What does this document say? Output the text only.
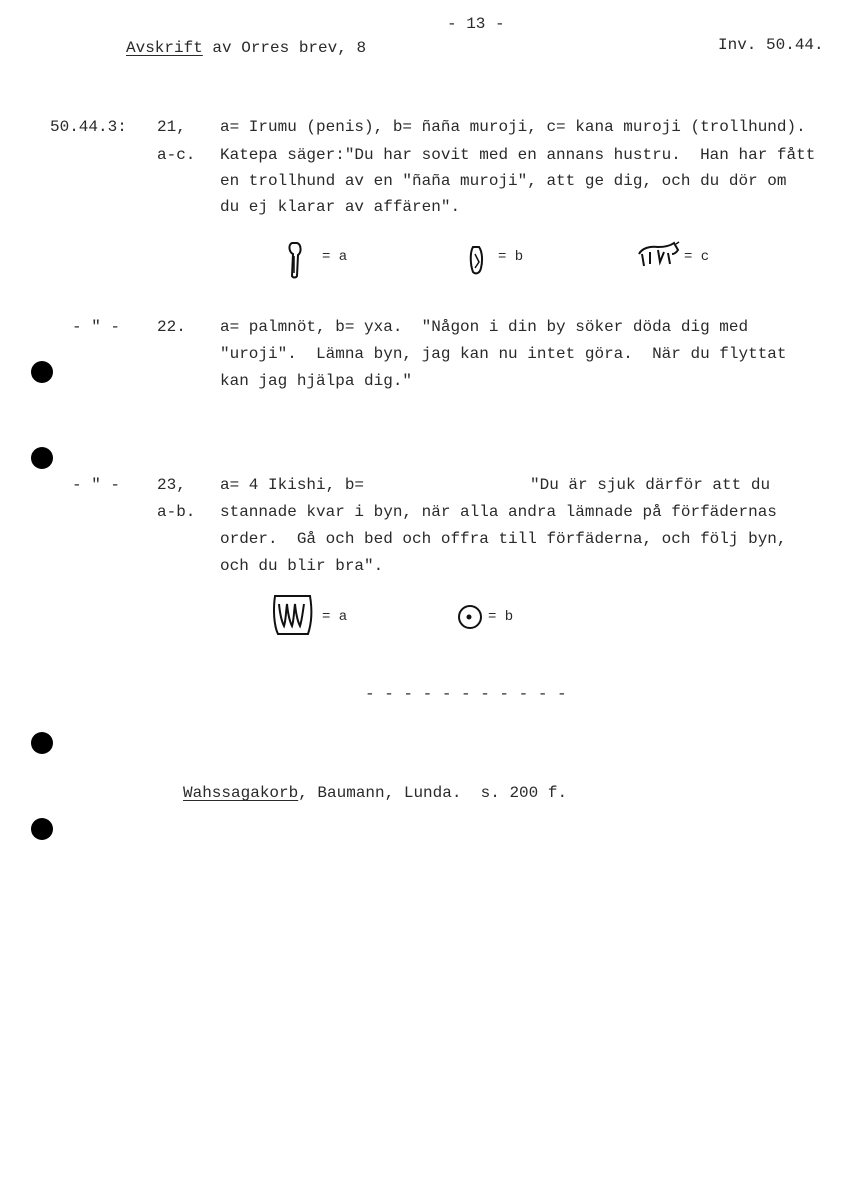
- 13 -
Avskrift av Orres brev, 8	Inv. 50.44.
50.44.3: 21,
a-c.
a= Irumu (penis), b= ñaña muroji, c= kana muroji (trollhund).
Katepa säger:"Du har sovit med en annans hustru.  Han har fått
en trollhund av en "ñaña muroji", att ge dig, och du dör om
du ej klarar av affären".
= a	= b	= c
- " - 22. a= palmnöt, b= yxa.  "Någon i din by söker döda dig med
"uroji".  Lämna byn, jag kan nu intet göra.  När du flyttat
kan jag hjälpa dig."
- " - 23,
a-b.
a= 4 Ikishi, b=	"Du är sjuk därför att du
stannade kvar i byn, när alla andra lämnade på förfädernas
order.  Gå och bed och offra till förfäderna, och följ byn,
och du blir bra".
= a	= b
- - - - - - - - - - -
Wahssagakorb, Baumann, Lunda.  s. 200 f.
